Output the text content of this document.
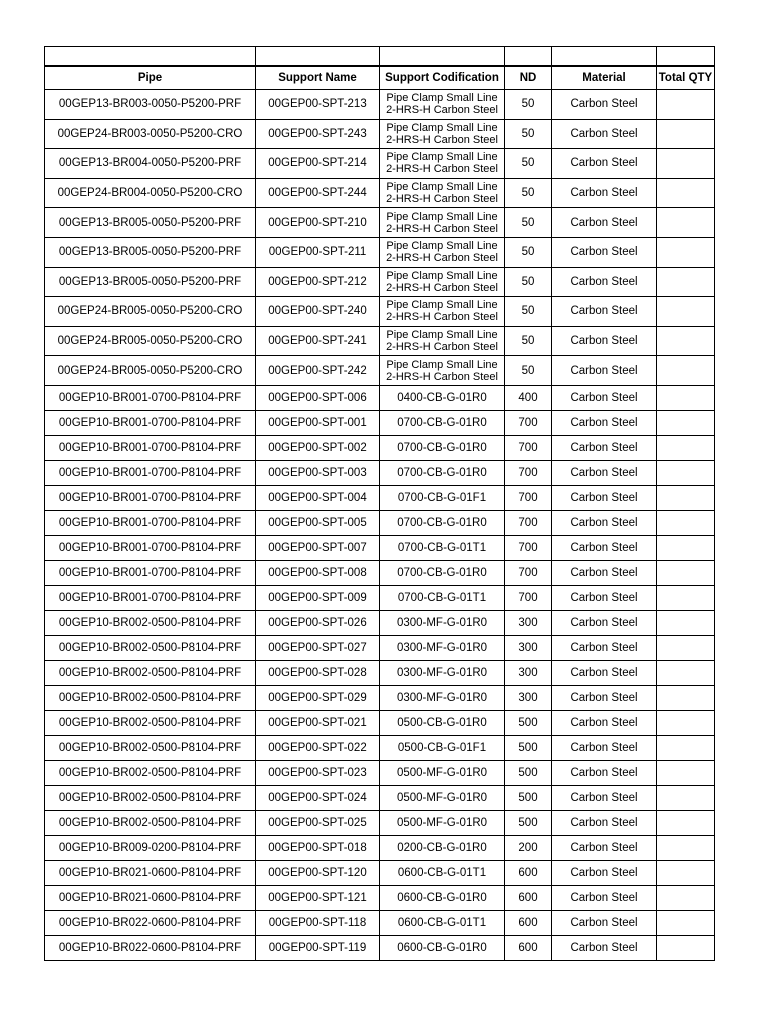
Pipe	Support Name	Support Codification	ND	Material	Total QTY
00GEP13-BR003-0050-P5200-PRF	00GEP00-SPT-213	Pipe Clamp Small Line 2-HRS-H Carbon Steel	50	Carbon Steel	
00GEP24-BR003-0050-P5200-CRO	00GEP00-SPT-243	Pipe Clamp Small Line 2-HRS-H Carbon Steel	50	Carbon Steel	
00GEP13-BR004-0050-P5200-PRF	00GEP00-SPT-214	Pipe Clamp Small Line 2-HRS-H Carbon Steel	50	Carbon Steel	
00GEP24-BR004-0050-P5200-CRO	00GEP00-SPT-244	Pipe Clamp Small Line 2-HRS-H Carbon Steel	50	Carbon Steel	
00GEP13-BR005-0050-P5200-PRF	00GEP00-SPT-210	Pipe Clamp Small Line 2-HRS-H Carbon Steel	50	Carbon Steel	
00GEP13-BR005-0050-P5200-PRF	00GEP00-SPT-211	Pipe Clamp Small Line 2-HRS-H Carbon Steel	50	Carbon Steel	
00GEP13-BR005-0050-P5200-PRF	00GEP00-SPT-212	Pipe Clamp Small Line 2-HRS-H Carbon Steel	50	Carbon Steel	
00GEP24-BR005-0050-P5200-CRO	00GEP00-SPT-240	Pipe Clamp Small Line 2-HRS-H Carbon Steel	50	Carbon Steel	
00GEP24-BR005-0050-P5200-CRO	00GEP00-SPT-241	Pipe Clamp Small Line 2-HRS-H Carbon Steel	50	Carbon Steel	
00GEP24-BR005-0050-P5200-CRO	00GEP00-SPT-242	Pipe Clamp Small Line 2-HRS-H Carbon Steel	50	Carbon Steel	
00GEP10-BR001-0700-P8104-PRF	00GEP00-SPT-006	0400-CB-G-01R0	400	Carbon Steel	
00GEP10-BR001-0700-P8104-PRF	00GEP00-SPT-001	0700-CB-G-01R0	700	Carbon Steel	
00GEP10-BR001-0700-P8104-PRF	00GEP00-SPT-002	0700-CB-G-01R0	700	Carbon Steel	
00GEP10-BR001-0700-P8104-PRF	00GEP00-SPT-003	0700-CB-G-01R0	700	Carbon Steel	
00GEP10-BR001-0700-P8104-PRF	00GEP00-SPT-004	0700-CB-G-01F1	700	Carbon Steel	
00GEP10-BR001-0700-P8104-PRF	00GEP00-SPT-005	0700-CB-G-01R0	700	Carbon Steel	
00GEP10-BR001-0700-P8104-PRF	00GEP00-SPT-007	0700-CB-G-01T1	700	Carbon Steel	
00GEP10-BR001-0700-P8104-PRF	00GEP00-SPT-008	0700-CB-G-01R0	700	Carbon Steel	
00GEP10-BR001-0700-P8104-PRF	00GEP00-SPT-009	0700-CB-G-01T1	700	Carbon Steel	
00GEP10-BR002-0500-P8104-PRF	00GEP00-SPT-026	0300-MF-G-01R0	300	Carbon Steel	
00GEP10-BR002-0500-P8104-PRF	00GEP00-SPT-027	0300-MF-G-01R0	300	Carbon Steel	
00GEP10-BR002-0500-P8104-PRF	00GEP00-SPT-028	0300-MF-G-01R0	300	Carbon Steel	
00GEP10-BR002-0500-P8104-PRF	00GEP00-SPT-029	0300-MF-G-01R0	300	Carbon Steel	
00GEP10-BR002-0500-P8104-PRF	00GEP00-SPT-021	0500-CB-G-01R0	500	Carbon Steel	
00GEP10-BR002-0500-P8104-PRF	00GEP00-SPT-022	0500-CB-G-01F1	500	Carbon Steel	
00GEP10-BR002-0500-P8104-PRF	00GEP00-SPT-023	0500-MF-G-01R0	500	Carbon Steel	
00GEP10-BR002-0500-P8104-PRF	00GEP00-SPT-024	0500-MF-G-01R0	500	Carbon Steel	
00GEP10-BR002-0500-P8104-PRF	00GEP00-SPT-025	0500-MF-G-01R0	500	Carbon Steel	
00GEP10-BR009-0200-P8104-PRF	00GEP00-SPT-018	0200-CB-G-01R0	200	Carbon Steel	
00GEP10-BR021-0600-P8104-PRF	00GEP00-SPT-120	0600-CB-G-01T1	600	Carbon Steel	
00GEP10-BR021-0600-P8104-PRF	00GEP00-SPT-121	0600-CB-G-01R0	600	Carbon Steel	
00GEP10-BR022-0600-P8104-PRF	00GEP00-SPT-118	0600-CB-G-01T1	600	Carbon Steel	
00GEP10-BR022-0600-P8104-PRF	00GEP00-SPT-119	0600-CB-G-01R0	600	Carbon Steel	
